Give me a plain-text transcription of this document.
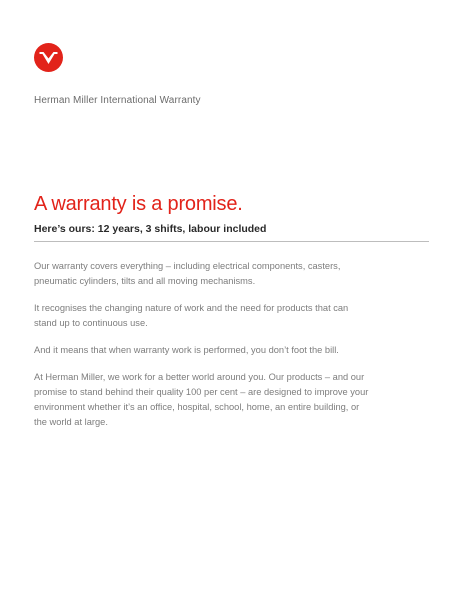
Herman Miller International Warranty
A warranty is a promise.
Here’s ours: 12 years, 3 shifts, labour included

Our warranty covers everything – including electrical components, casters, pneumatic cylinders, tilts and all moving mechanisms.

It recognises the changing nature of work and the need for products that can stand up to continuous use.

And it means that when warranty work is performed, you don’t foot the bill.

At Herman Miller, we work for a better world around you. Our products – and our promise to stand behind their quality 100 per cent – are designed to improve your environment whether it’s an office, hospital, school, home, an entire building, or the world at large.
